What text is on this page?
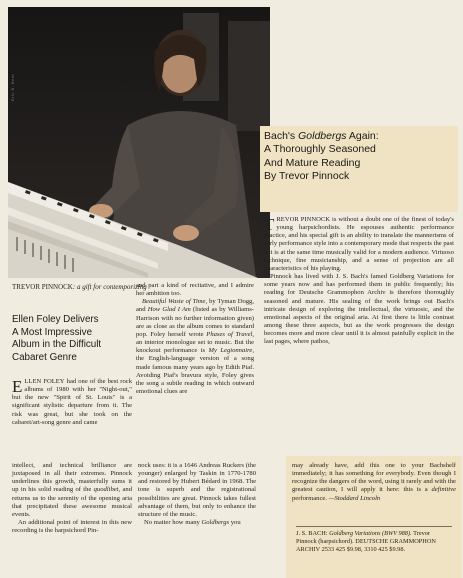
Eric B. Bent
TREVOR PINNOCK: a gift for contemporizing

Bach's Goldbergs Again:

A Thoroughly Seasoned

And Mature Reading

By Trevor Pinnock

Ellen Foley Delivers

A Most Impressive

Album in the Difficult

Cabaret Genre

ELLEN FOLEY had one of the best rock albums of 1980 with her "Night-out," but the new "Spirit of St. Louis" is a significant stylistic departure from it. The risk was great, but she took on the cabaret/art-song genre and came

and part a kind of recitative, and I admire her ambition too.

Beautiful Waste of Time, by Tyman Dogg, and How Glad I Am (listed as by Williams-Harrison with no further information given) are as close as the album comes to standard pop. Foley herself wrote Phases of Travel, an interior monologue set to music. But the knockout performance is My Legionnaire, the English-language version of a song made famous many years ago by Edith Piaf. Avoiding Piaf's bravura style, Foley gives the song a subtle reading in which outward emotional clues are

TREVOR PINNOCK is without a doubt one of the finest of today's young harpsichordists. He espouses authentic performance practice, and his special gift is an ability to translate the mannerisms of early performance style into a contemporary mode that respects the past but is at the same time musically valid for a modern audience. Virtuoso technique, fine musicianship, and a sense of projection are all characteristics of his playing.

Pinnock has lived with J. S. Bach's famed Goldberg Variations for some years now and has performed them in public frequently; his reading for Deutsche Grammophon Archiv is therefore thoroughly seasoned and mature. His sealing of the work brings out Bach's intricate design of exploring the intellectual, the virtuosic, and the emotional aspects of the original aria. At first there is little contrast among these three aspects, but as the work progresses the design becomes more and more clear until it is almost painfully explicit in the last pages, where pathos,

intellect, and technical brilliance are juxtaposed in all their extremes. Pinnock underlines this growth, masterfully sums it up in his solid reading of the quodlibet, and returns us to the serenity of the opening aria that precipitated these awesome musical events.

An additional point of interest in this new recording is the harpsichord Pin-

nock uses: it is a 1646 Andreas Ruckers (the younger) enlarged by Taskin in 1770-1780 and restored by Hubert Bédard in 1968. The tone is superb and the registrational possibilities are great. Pinnock takes fullest advantage of them, but only to enhance the structure of the music.

No matter how many Goldbergs you

may already have, add this one to your Bachshelf immediately; it has something for everybody. Even though I recognize the dangers of the word, using it rarely and with the greatest caution, I will apply it here: this is a definitive performance. —Stoddard Lincoln

J. S. BACH: Goldberg Variations (BWV 988). Trevor Pinnock (harpsichord). DEUTSCHE GRAMMOPHON ARCHIV 2533 425 $9.98, 3310 425 $9.98.
